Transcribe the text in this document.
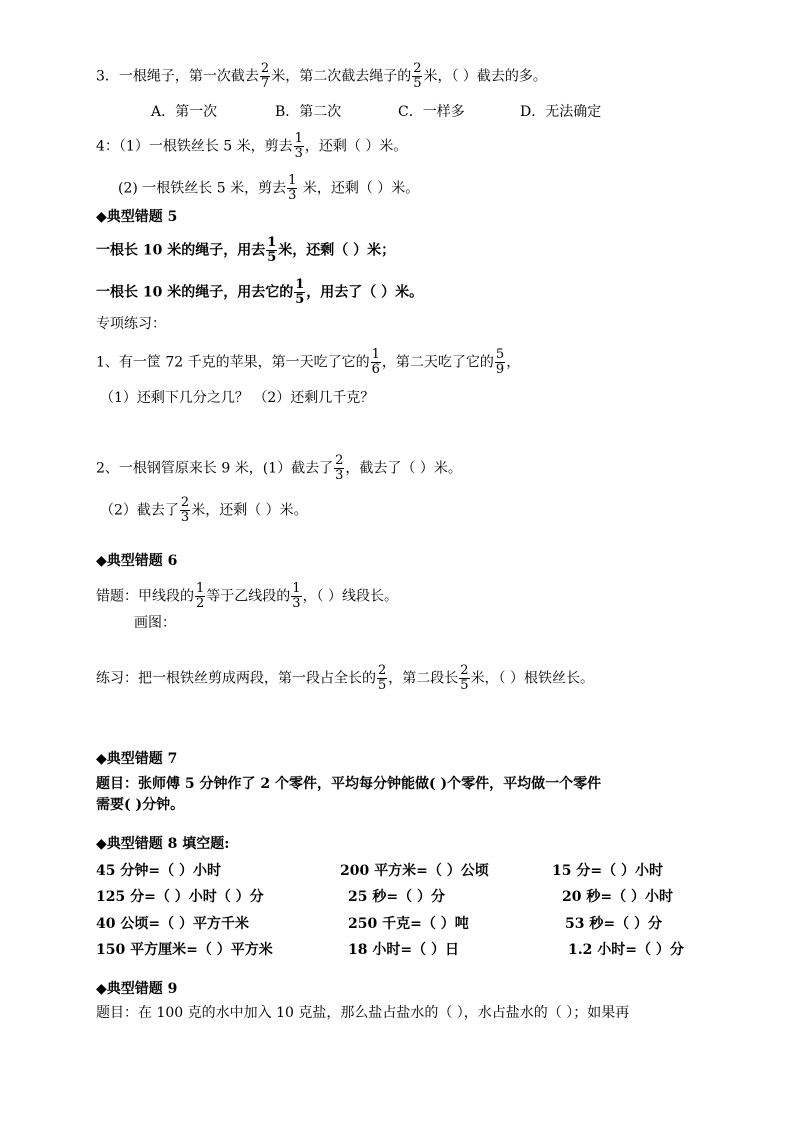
3．一根绳子，第一次截去 $\frac{2}{7}$ 米，第二次截去绳子的 $\frac{2}{5}$ 米，（ ）截去的多。
A．第一次	B．第二次	C．一样多	D．无法确定
4：（1）一根铁丝长 5 米，剪去 $\frac{1}{3}$ ，还剩（ ）米。
(2) 一根铁丝长 5 米，剪去 $\frac{1}{3}$ 米，还剩（ ）米。
◆典型错题 5
一根长 10 米的绳子，用去 $\frac{1}{5}$ 米，还剩（ ）米；
一根长 10 米的绳子，用去它的 $\frac{1}{5}$ ，用去了（ ）米。
专项练习：
1、有一筐 72 千克的苹果，第一天吃了它的 $\frac{1}{6}$ ，第二天吃了它的 $\frac{5}{9}$ ，
（1）还剩下几分之几？ （2）还剩几千克？
2、一根钢管原来长 9 米，(1）截去了 $\frac{2}{3}$ ，截去了（ ）米。
（2）截去了 $\frac{2}{3}$ 米，还剩（ ）米。
◆典型错题 6
错题：甲线段的 $\frac{1}{2}$ 等于乙线段的 $\frac{1}{3}$ ，（ ）线段长。
画图：
练习：把一根铁丝剪成两段，第一段占全长的 $\frac{2}{5}$ ，第二段长 $\frac{2}{5}$ 米，（ ）根铁丝长。
◆典型错题 7
题目：张师傅 5 分钟作了 2 个零件，平均每分钟能做( )个零件，平均做一个零件
需要( )分钟。
◆典型错题 8 填空题:
45 分钟=（ ）小时	200 平方米=（ ）公顷	15 分=（ ）小时
125 分=（ ）小时（ ）分	25 秒=（ ）分	20 秒=（ ）小时
40 公顷=（ ）平方千米	250 千克=（ ）吨	53 秒=（ ）分
150 平方厘米=（ ）平方米	18 小时=（ ）日	1.2 小时=（ ）分
◆典型错题 9
题目：在 100 克的水中加入 10 克盐，那么盐占盐水的（ ），水占盐水的（ ）；如果再
